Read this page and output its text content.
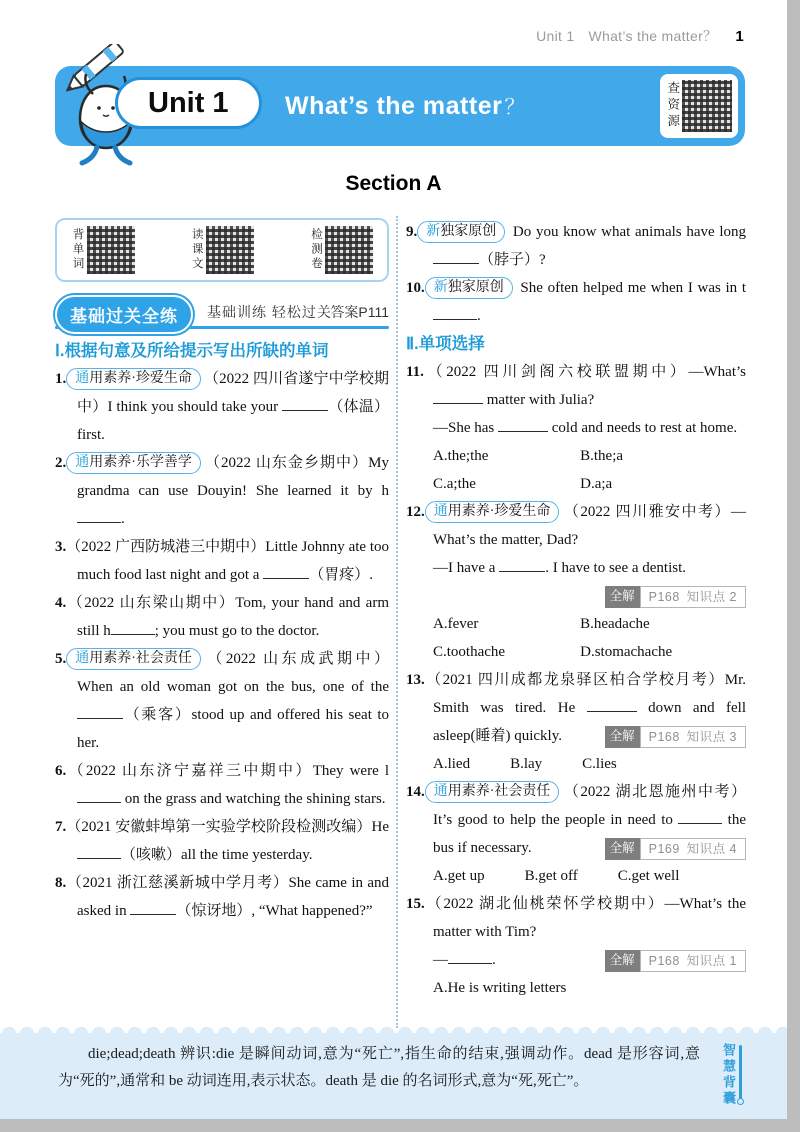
Unit 1 What’s the matter？ 1
Unit 1	What’s the matter ？	查资源
Section A
背单词	读课文	检测卷
基础过关全练	基础训练 轻松过关
答案P111
Ⅰ.根据句意及所给提示写出所缺的单词
1. 通用素养·珍爱生命 （2022 四川省遂宁中学校期中）I think you should take your	（体温）first.
2. 通用素养·乐学善学 （2022 山东金乡期中）My grandma can use Douyin! She learned it by h.
3.（2022 广西防城港三中期中）Little Johnny ate too much food last night and got a	（胃疼）.
4.（2022 山东梁山期中）Tom, your hand and arm still h	; you must go to the doctor.
5. 通用素养·社会责任 （2022 山东成武期中）When an old woman got on the bus, one of the （乘客）stood up and offered his seat to her.
6.（2022 山东济宁嘉祥三中期中）They were l on the grass and watching the shining stars.
7.（2021 安徽蚌埠第一实验学校阶段检测改编）He （咳嗽）all the time yesterday.
8.（2021 浙江慈溪新城中学月考）She came in and asked in	（惊讶地）, “What happened?”
9. 新独家原创 Do you know what animals have long （脖子）?
10. 新独家原创 She often helped me when I was in t.
Ⅱ.单项选择
11.（2022 四川剑阁六校联盟期中）—What’s  matter with Julia?
—She has	cold and needs to rest at home.
A.the;the	B.the;a
C.a;the	D.a;a
12. 通用素养·珍爱生命 （2022 四川雅安中考）—What’s the matter, Dad?
—I have a	. I have to see a dentist.
全解	P168 知识点 2
A.fever	B.headache
C.toothache	D.stomachache
13.（2021 四川成都龙泉驿区柏合学校月考）Mr. Smith was tired. He	down and fell asleep(睡着) quickly.	全解	P168 知识点 3
A.lied	B.lay	C.lies
14. 通用素养·社会责任 （2022 湖北恩施州中考）It’s good to help the people in need to	the bus if necessary.	全解	P169 知识点 4
A.get up	B.get off	C.get well
15.（2022 湖北仙桃荣怀学校期中）—What’s the matter with Tim?
—	.	全解	P168 知识点 1
A.He is writing letters
die;dead;death 辨识:die 是瞬间动词,意为“死亡”,指生命的结束,强调动作。dead 是形容词,意为“死的”,通常和 be 动词连用,表示状态。death 是 die 的名词形式,意为“死,死亡”。	智慧背囊
